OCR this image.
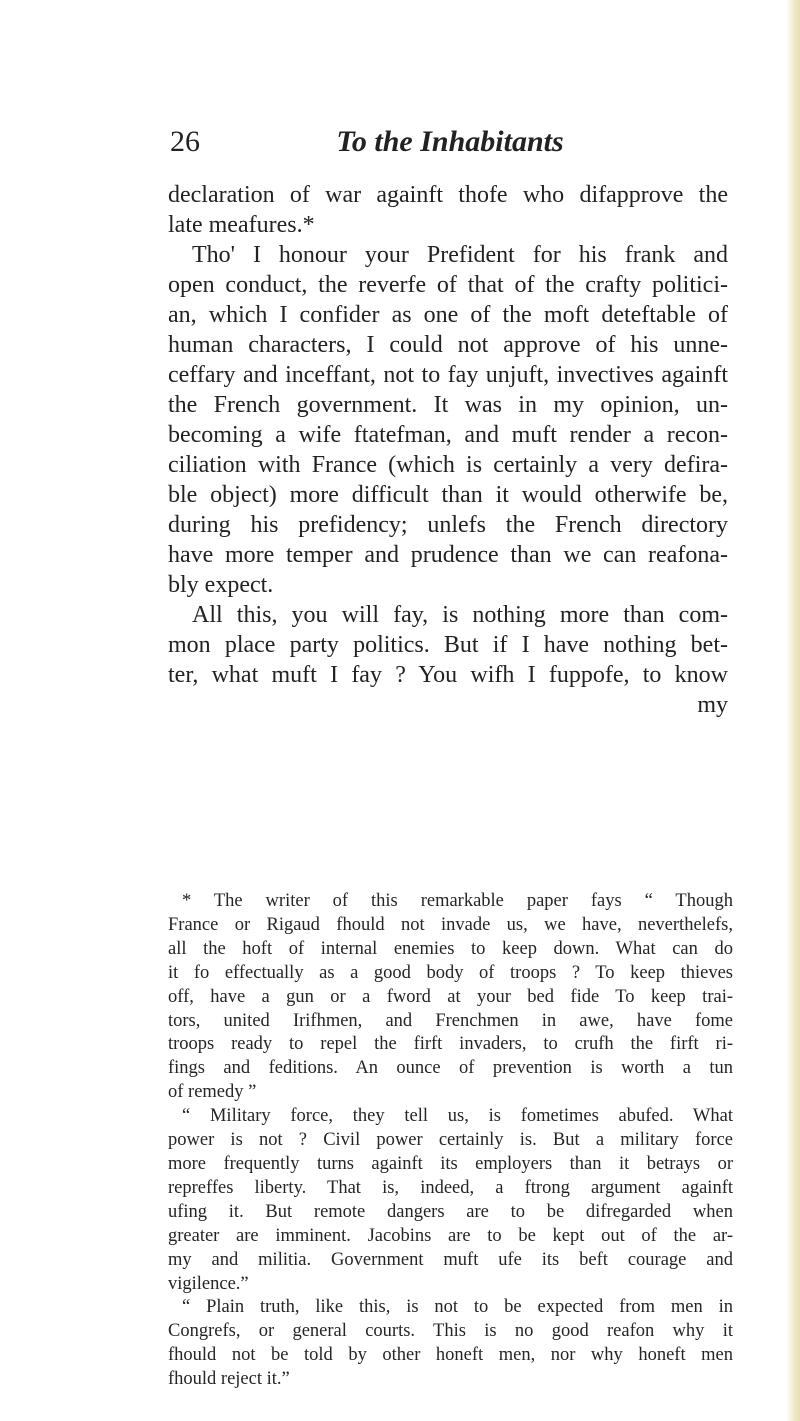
26	To the Inhabitants
declaration of war againft thofe who difapprove the
late meafures.*
Tho' I honour your Prefident for his frank and
open conduct, the reverfe of that of the crafty politici-
an, which I confider as one of the moft deteftable of
human characters, I could not approve of his unne-
ceffary and inceffant, not to fay unjuft, invectives againft
the French government. It was in my opinion, un-
becoming a wife ftatefman, and muft render a recon-
ciliation with France (which is certainly a very defira-
ble object) more difficult than it would otherwife be,
during his prefidency; unlefs the French directory
have more temper and prudence than we can reafona-
bly expect.
All this, you will fay, is nothing more than com-
mon place party politics. But if I have nothing bet-
ter, what muft I fay ? You wifh I fuppofe, to know
my
* The writer of this remarkable paper fays “ Though
France or Rigaud fhould not invade us, we have, neverthelefs,
all the hoft of internal enemies to keep down. What can do
it fo effectually as a good body of troops ? To keep thieves
off, have a gun or a fword at your bed fide To keep trai-
tors, united Irifhmen, and Frenchmen in awe, have fome
troops ready to repel the firft invaders, to crufh the firft ri-
fings and feditions. An ounce of prevention is worth a tun
of remedy ”
“ Military force, they tell us, is fometimes abufed. What
power is not ? Civil power certainly is. But a military force
more frequently turns againft its employers than it betrays or
repreffes liberty. That is, indeed, a ftrong argument againft
ufing it. But remote dangers are to be difregarded when
greater are imminent. Jacobins are to be kept out of the ar-
my and militia. Government muft ufe its beft courage and
vigilence.”
“ Plain truth, like this, is not to be expected from men in
Congrefs, or general courts. This is no good reafon why it
fhould not be told by other honeft men, nor why honeft men
fhould reject it.”
